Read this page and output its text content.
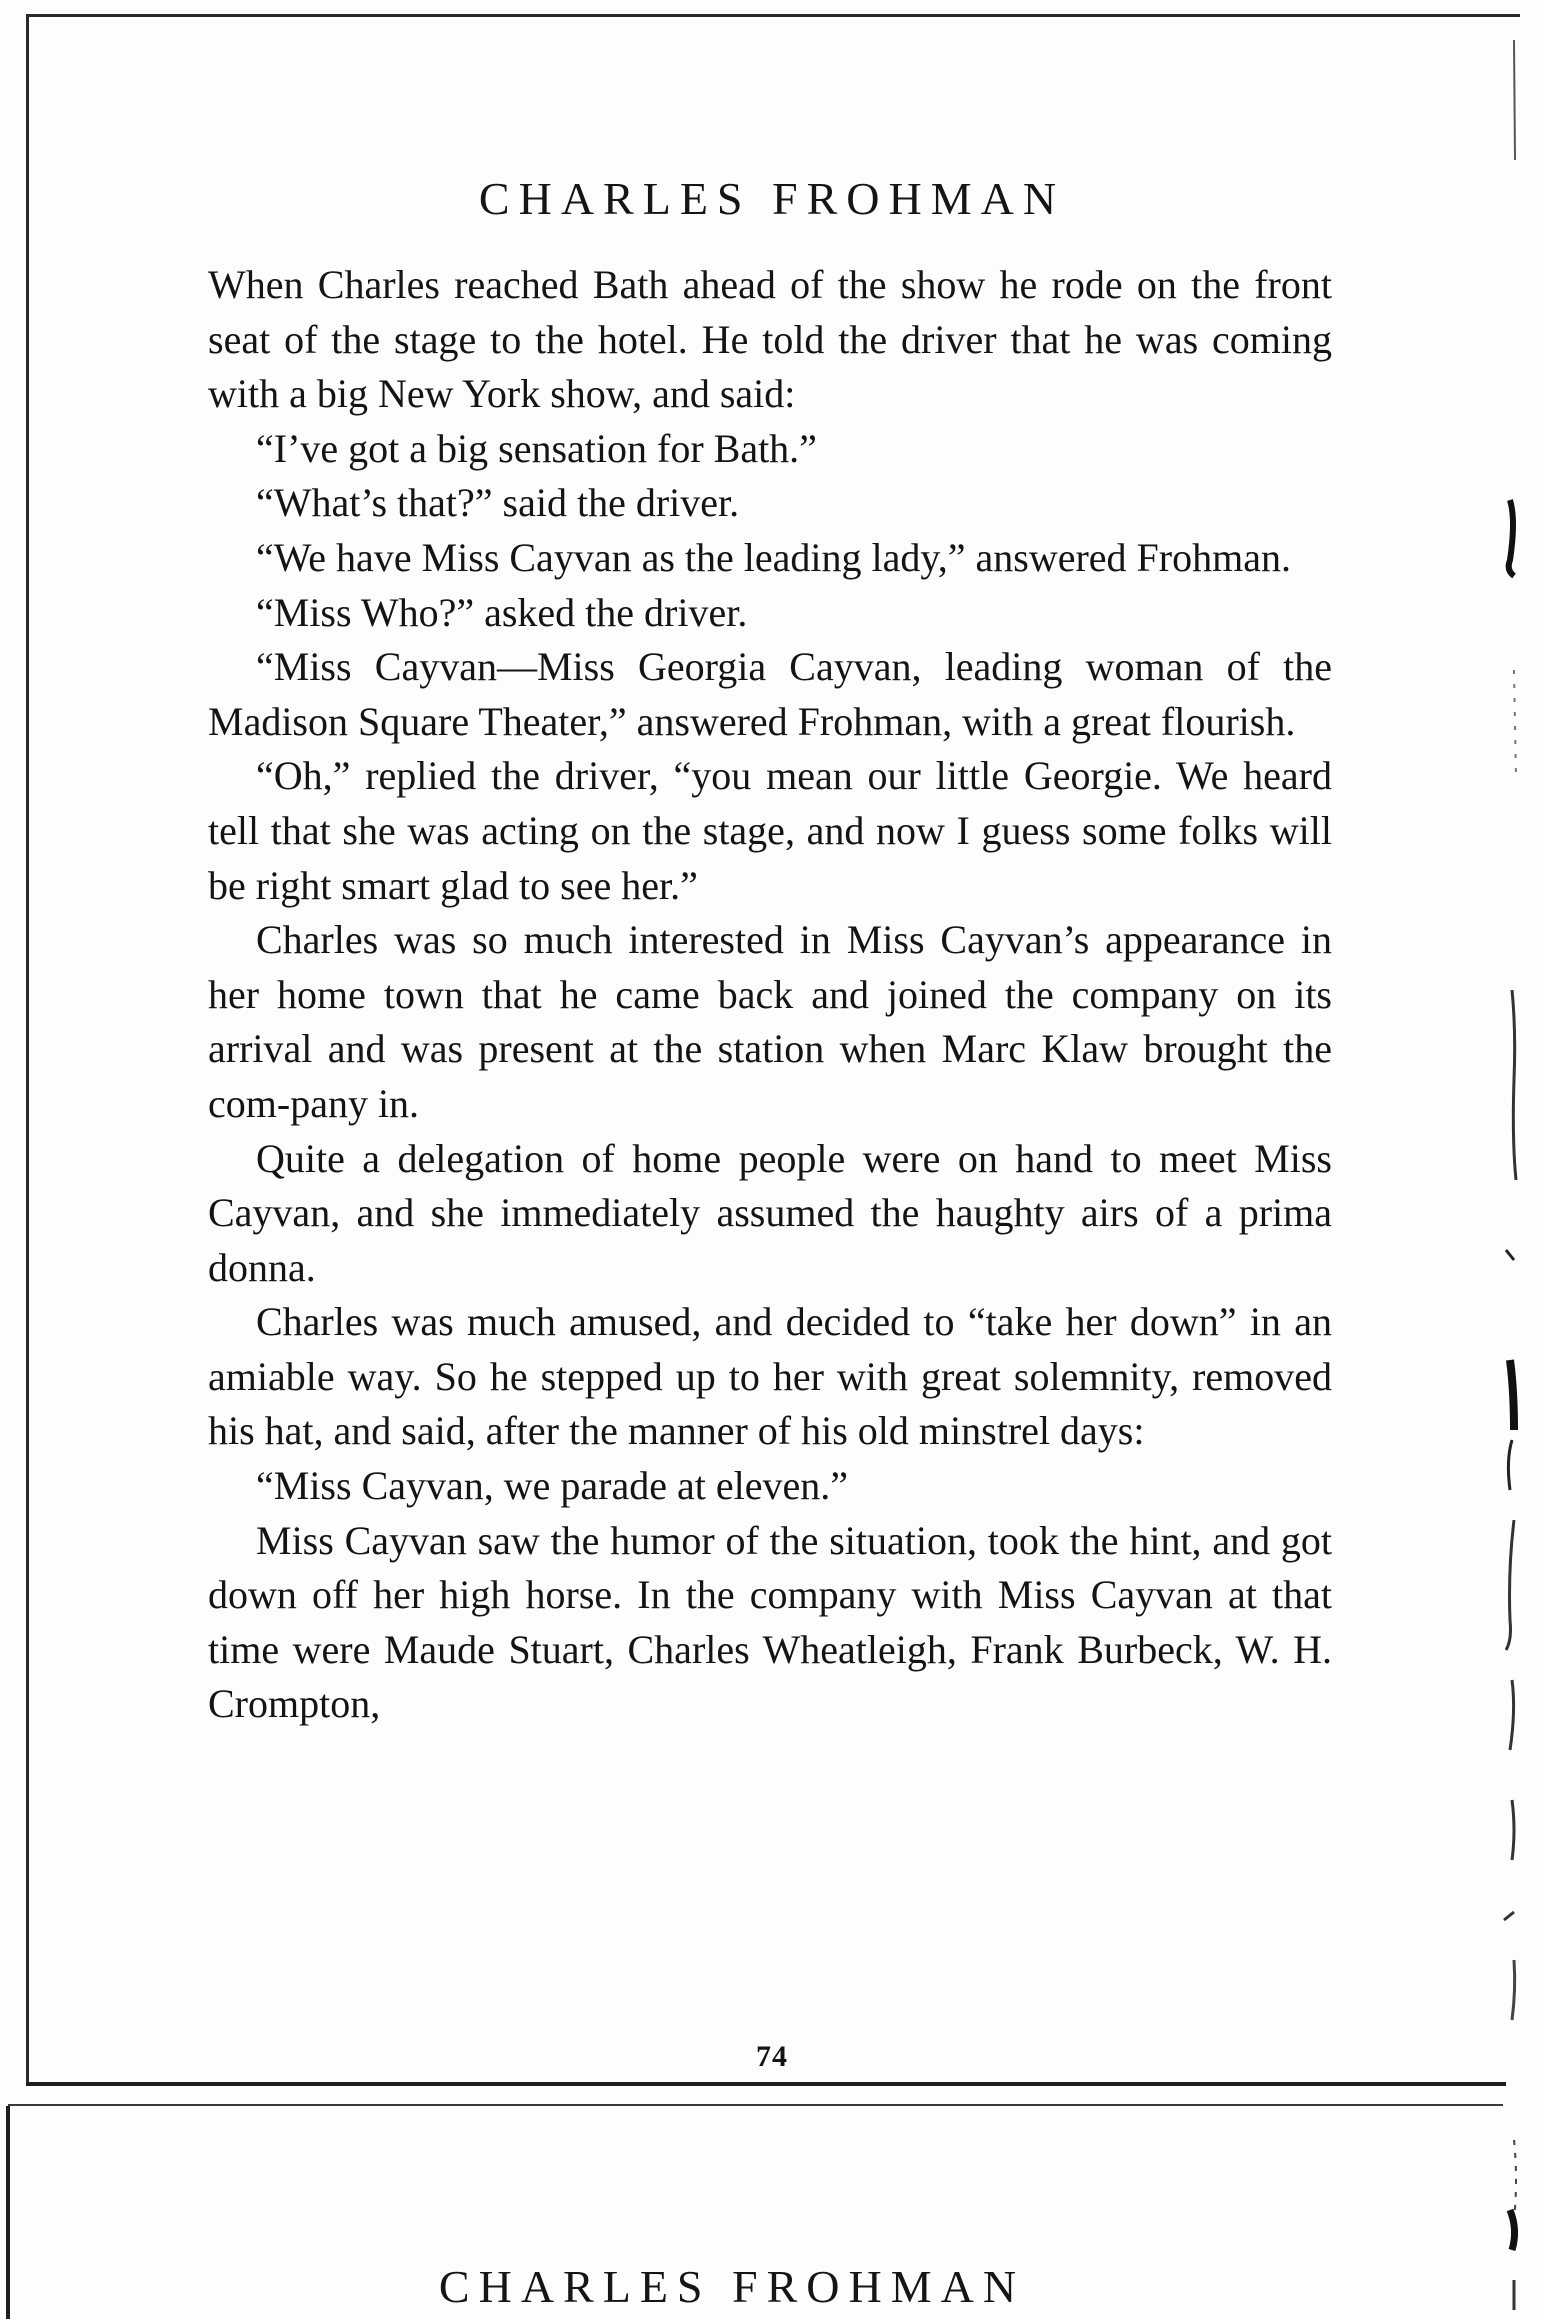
CHARLES FROHMAN

When Charles reached Bath ahead of the show he rode on the front seat of the stage to the hotel. He told the driver that he was coming with a big New York show, and said:

“I’ve got a big sensation for Bath.”

“What’s that?” said the driver.

“We have Miss Cayvan as the leading lady,” answered Frohman.

“Miss Who?” asked the driver.

“Miss Cayvan—Miss Georgia Cayvan, leading woman of the Madison Square Theater,” answered Frohman, with a great flourish.

“Oh,” replied the driver, “you mean our little Georgie. We heard tell that she was acting on the stage, and now I guess some folks will be right smart glad to see her.”

Charles was so much interested in Miss Cayvan’s appearance in her home town that he came back and joined the company on its arrival and was present at the station when Marc Klaw brought the com-pany in.

Quite a delegation of home people were on hand to meet Miss Cayvan, and she immediately assumed the haughty airs of a prima donna.

Charles was much amused, and decided to “take her down” in an amiable way. So he stepped up to her with great solemnity, removed his hat, and said, after the manner of his old minstrel days:

“Miss Cayvan, we parade at eleven.”

Miss Cayvan saw the humor of the situation, took the hint, and got down off her high horse. In the company with Miss Cayvan at that time were Maude Stuart, Charles Wheatleigh, Frank Burbeck, W. H. Crompton,

74
CHARLES FROHMAN
